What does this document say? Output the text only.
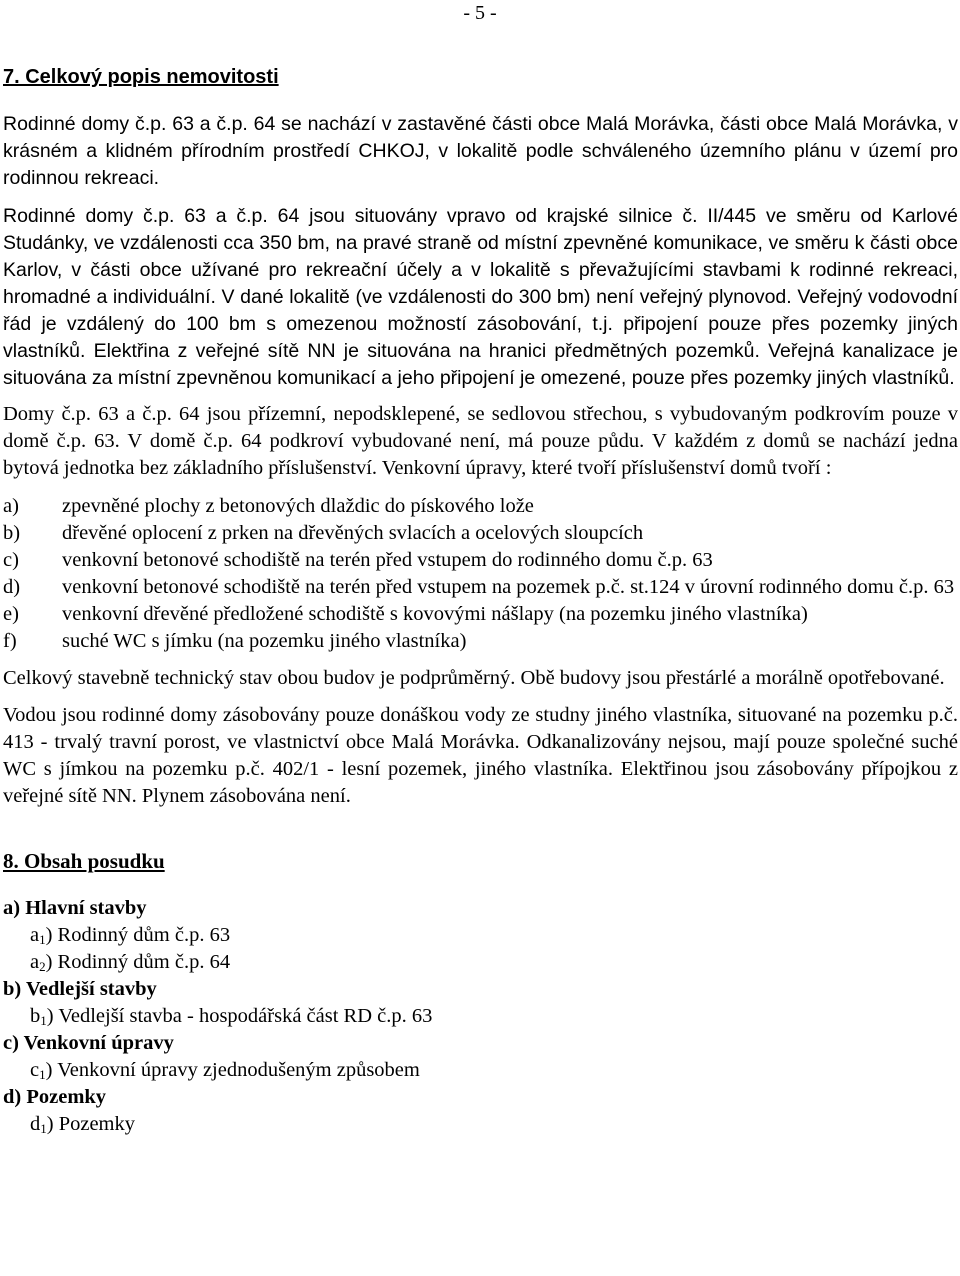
- 5 -
7. Celkový popis nemovitosti

Rodinné domy č.p. 63 a č.p. 64 se nachází v zastavěné části obce Malá Morávka, části obce Malá Morávka, v krásném a klidném přírodním prostředí CHKOJ, v lokalitě podle schváleného územního plánu v území pro rodinnou rekreaci.

Rodinné domy č.p. 63 a č.p. 64 jsou situovány vpravo od krajské silnice č. II/445 ve směru od Karlové Studánky, ve vzdálenosti cca 350 bm, na pravé straně od místní zpevněné komunikace, ve směru k části obce Karlov, v části obce užívané pro rekreační účely a v lokalitě s převažujícími stavbami k rodinné rekreaci, hromadné a individuální. V dané lokalitě (ve vzdálenosti do 300 bm) není veřejný plynovod. Veřejný vodovodní řád je vzdálený do 100 bm s omezenou možností zásobování, t.j. připojení pouze přes pozemky jiných vlastníků. Elektřina z veřejné sítě NN je situována na hranici předmětných pozemků. Veřejná kanalizace je situována za místní zpevněnou komunikací a jeho připojení je omezené, pouze přes pozemky jiných vlastníků.

Domy č.p. 63 a č.p. 64 jsou přízemní, nepodsklepené, se sedlovou střechou, s vybudovaným podkrovím pouze v domě č.p. 63. V domě č.p. 64 podkroví vybudované není, má pouze půdu. V každém z domů se nachází jedna bytová jednotka bez základního příslušenství. Venkovní úpravy, které tvoří příslušenství domů tvoří :

a)	zpevněné plochy z betonových dlaždic do pískového lože
b)	dřevěné oplocení z prken na dřevěných svlacích a ocelových sloupcích
c)	venkovní betonové schodiště na terén před vstupem do rodinného domu č.p. 63
d)	venkovní betonové schodiště na terén před vstupem na pozemek p.č. st.124 v úrovní rodinného domu č.p. 63
e)	venkovní dřevěné předložené schodiště s kovovými nášlapy (na pozemku jiného vlastníka)
f)	suché WC s jímku (na pozemku jiného vlastníka)

Celkový stavebně technický stav obou budov je podprůměrný. Obě budovy jsou přestárlé a morálně opotřebované.

Vodou jsou rodinné domy zásobovány pouze donáškou vody ze studny jiného vlastníka, situované na pozemku p.č. 413 - trvalý travní porost, ve vlastnictví obce Malá Morávka. Odkanalizovány nejsou, mají pouze společné suché WC s jímkou na pozemku p.č. 402/1 - lesní pozemek, jiného vlastníka. Elektřinou jsou zásobovány přípojkou z veřejné sítě NN. Plynem zásobována není.

8. Obsah posudku
a) Hlavní stavby
$a_1$) Rodinný dům č.p. 63
$a_2$) Rodinný dům č.p. 64
b) Vedlejší stavby
$b_1$) Vedlejší stavba - hospodářská část RD č.p. 63
c) Venkovní úpravy
$c_1$) Venkovní úpravy zjednodušeným způsobem
d) Pozemky
$d_1$) Pozemky
